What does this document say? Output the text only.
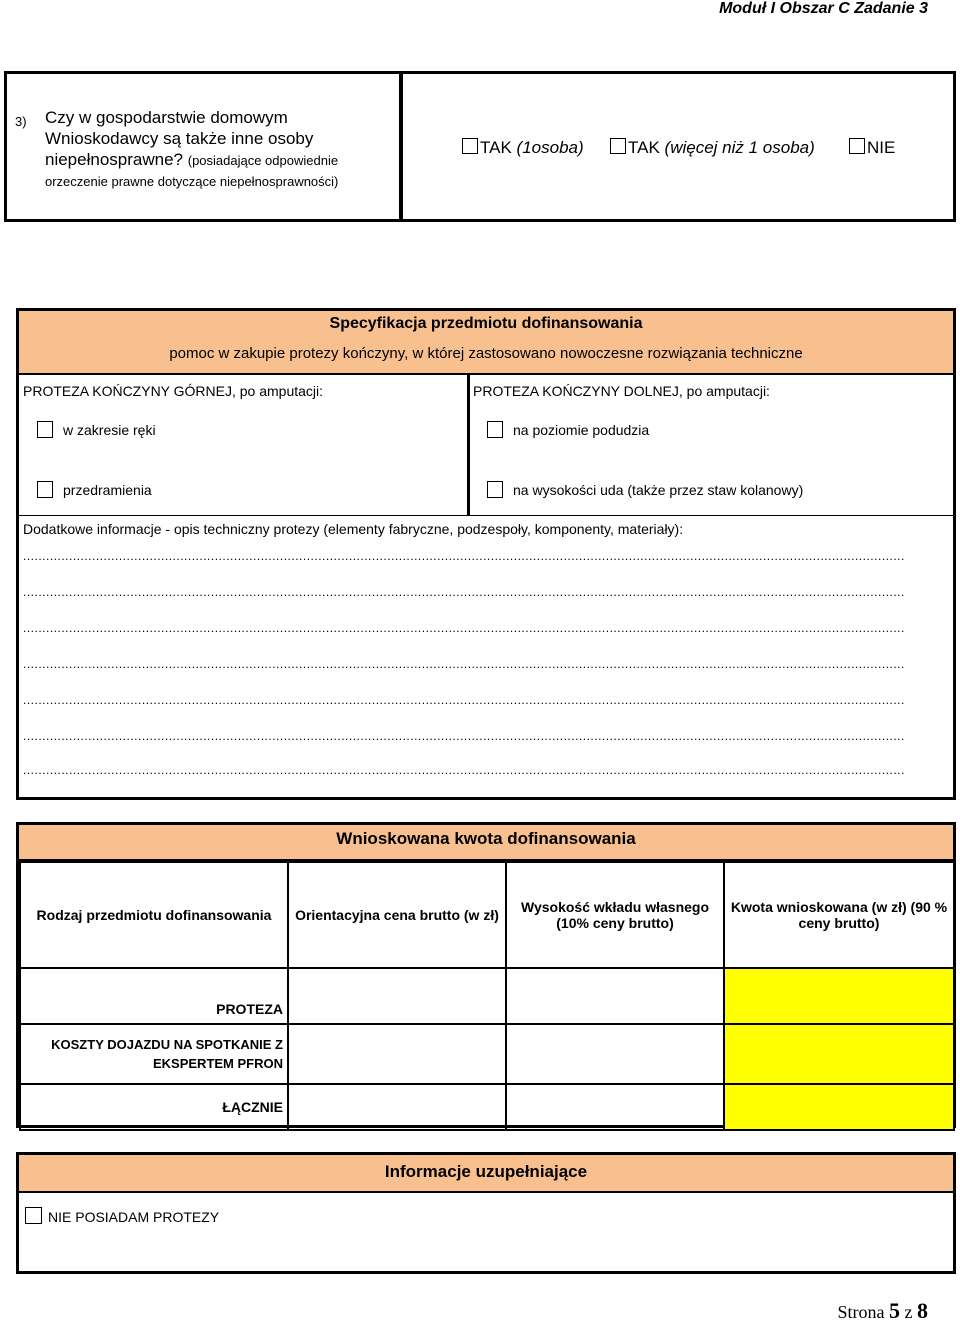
Moduł I Obszar C Zadanie 3
3) Czy w gospodarstwie domowym Wnioskodawcy są także inne osoby niepełnosprawne? (posiadające odpowiednie orzeczenie prawne dotyczące niepełnosprawności)
TAK (1osoba)	TAK (więcej niż 1 osoba)	NIE
Specyfikacja przedmiotu dofinansowania
pomoc w zakupie protezy kończyny, w której zastosowano nowoczesne rozwiązania techniczne
PROTEZA KOŃCZYNY GÓRNEJ, po amputacji:
w zakresie ręki
przedramienia
PROTEZA KOŃCZYNY DOLNEJ, po amputacji:
na poziomie podudzia
na wysokości uda (także przez staw kolanowy)
Dodatkowe informacje - opis techniczny protezy (elementy fabryczne, podzespoły, komponenty, materiały):
......................................................................................................................................................................................................................................
......................................................................................................................................................................................................................................
......................................................................................................................................................................................................................................
......................................................................................................................................................................................................................................
......................................................................................................................................................................................................................................
......................................................................................................................................................................................................................................
......................................................................................................................................................................................................................................
Wnioskowana kwota dofinansowania
Rodzaj przedmiotu dofinansowania	Orientacyjna cena brutto (w zł)	Wysokość wkładu własnego (10% ceny brutto)	Kwota wnioskowana (w zł) (90 % ceny brutto)
PROTEZA			
KOSZTY DOJAZDU NA SPOTKANIE Z EKSPERTEM PFRON			
ŁĄCZNIE			
Informacje uzupełniające
NIE POSIADAM PROTEZY
Strona 5 z 8
